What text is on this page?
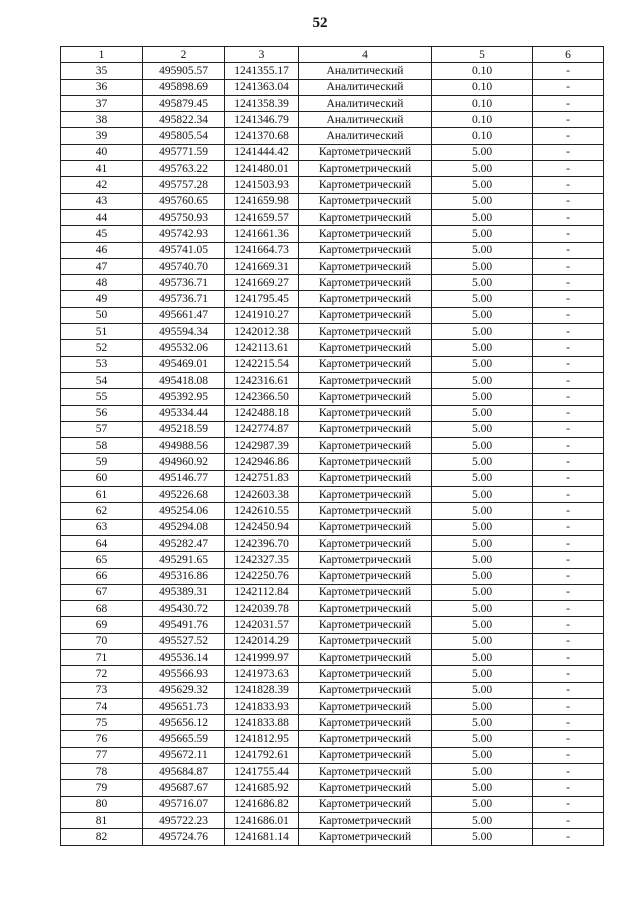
52
1	2	3	4	5	6
35	495905.57	1241355.17	Аналитический	0.10	-
36	495898.69	1241363.04	Аналитический	0.10	-
37	495879.45	1241358.39	Аналитический	0.10	-
38	495822.34	1241346.79	Аналитический	0.10	-
39	495805.54	1241370.68	Аналитический	0.10	-
40	495771.59	1241444.42	Картометрический	5.00	-
41	495763.22	1241480.01	Картометрический	5.00	-
42	495757.28	1241503.93	Картометрический	5.00	-
43	495760.65	1241659.98	Картометрический	5.00	-
44	495750.93	1241659.57	Картометрический	5.00	-
45	495742.93	1241661.36	Картометрический	5.00	-
46	495741.05	1241664.73	Картометрический	5.00	-
47	495740.70	1241669.31	Картометрический	5.00	-
48	495736.71	1241669.27	Картометрический	5.00	-
49	495736.71	1241795.45	Картометрический	5.00	-
50	495661.47	1241910.27	Картометрический	5.00	-
51	495594.34	1242012.38	Картометрический	5.00	-
52	495532.06	1242113.61	Картометрический	5.00	-
53	495469.01	1242215.54	Картометрический	5.00	-
54	495418.08	1242316.61	Картометрический	5.00	-
55	495392.95	1242366.50	Картометрический	5.00	-
56	495334.44	1242488.18	Картометрический	5.00	-
57	495218.59	1242774.87	Картометрический	5.00	-
58	494988.56	1242987.39	Картометрический	5.00	-
59	494960.92	1242946.86	Картометрический	5.00	-
60	495146.77	1242751.83	Картометрический	5.00	-
61	495226.68	1242603.38	Картометрический	5.00	-
62	495254.06	1242610.55	Картометрический	5.00	-
63	495294.08	1242450.94	Картометрический	5.00	-
64	495282.47	1242396.70	Картометрический	5.00	-
65	495291.65	1242327.35	Картометрический	5.00	-
66	495316.86	1242250.76	Картометрический	5.00	-
67	495389.31	1242112.84	Картометрический	5.00	-
68	495430.72	1242039.78	Картометрический	5.00	-
69	495491.76	1242031.57	Картометрический	5.00	-
70	495527.52	1242014.29	Картометрический	5.00	-
71	495536.14	1241999.97	Картометрический	5.00	-
72	495566.93	1241973.63	Картометрический	5.00	-
73	495629.32	1241828.39	Картометрический	5.00	-
74	495651.73	1241833.93	Картометрический	5.00	-
75	495656.12	1241833.88	Картометрический	5.00	-
76	495665.59	1241812.95	Картометрический	5.00	-
77	495672.11	1241792.61	Картометрический	5.00	-
78	495684.87	1241755.44	Картометрический	5.00	-
79	495687.67	1241685.92	Картометрический	5.00	-
80	495716.07	1241686.82	Картометрический	5.00	-
81	495722.23	1241686.01	Картометрический	5.00	-
82	495724.76	1241681.14	Картометрический	5.00	-
